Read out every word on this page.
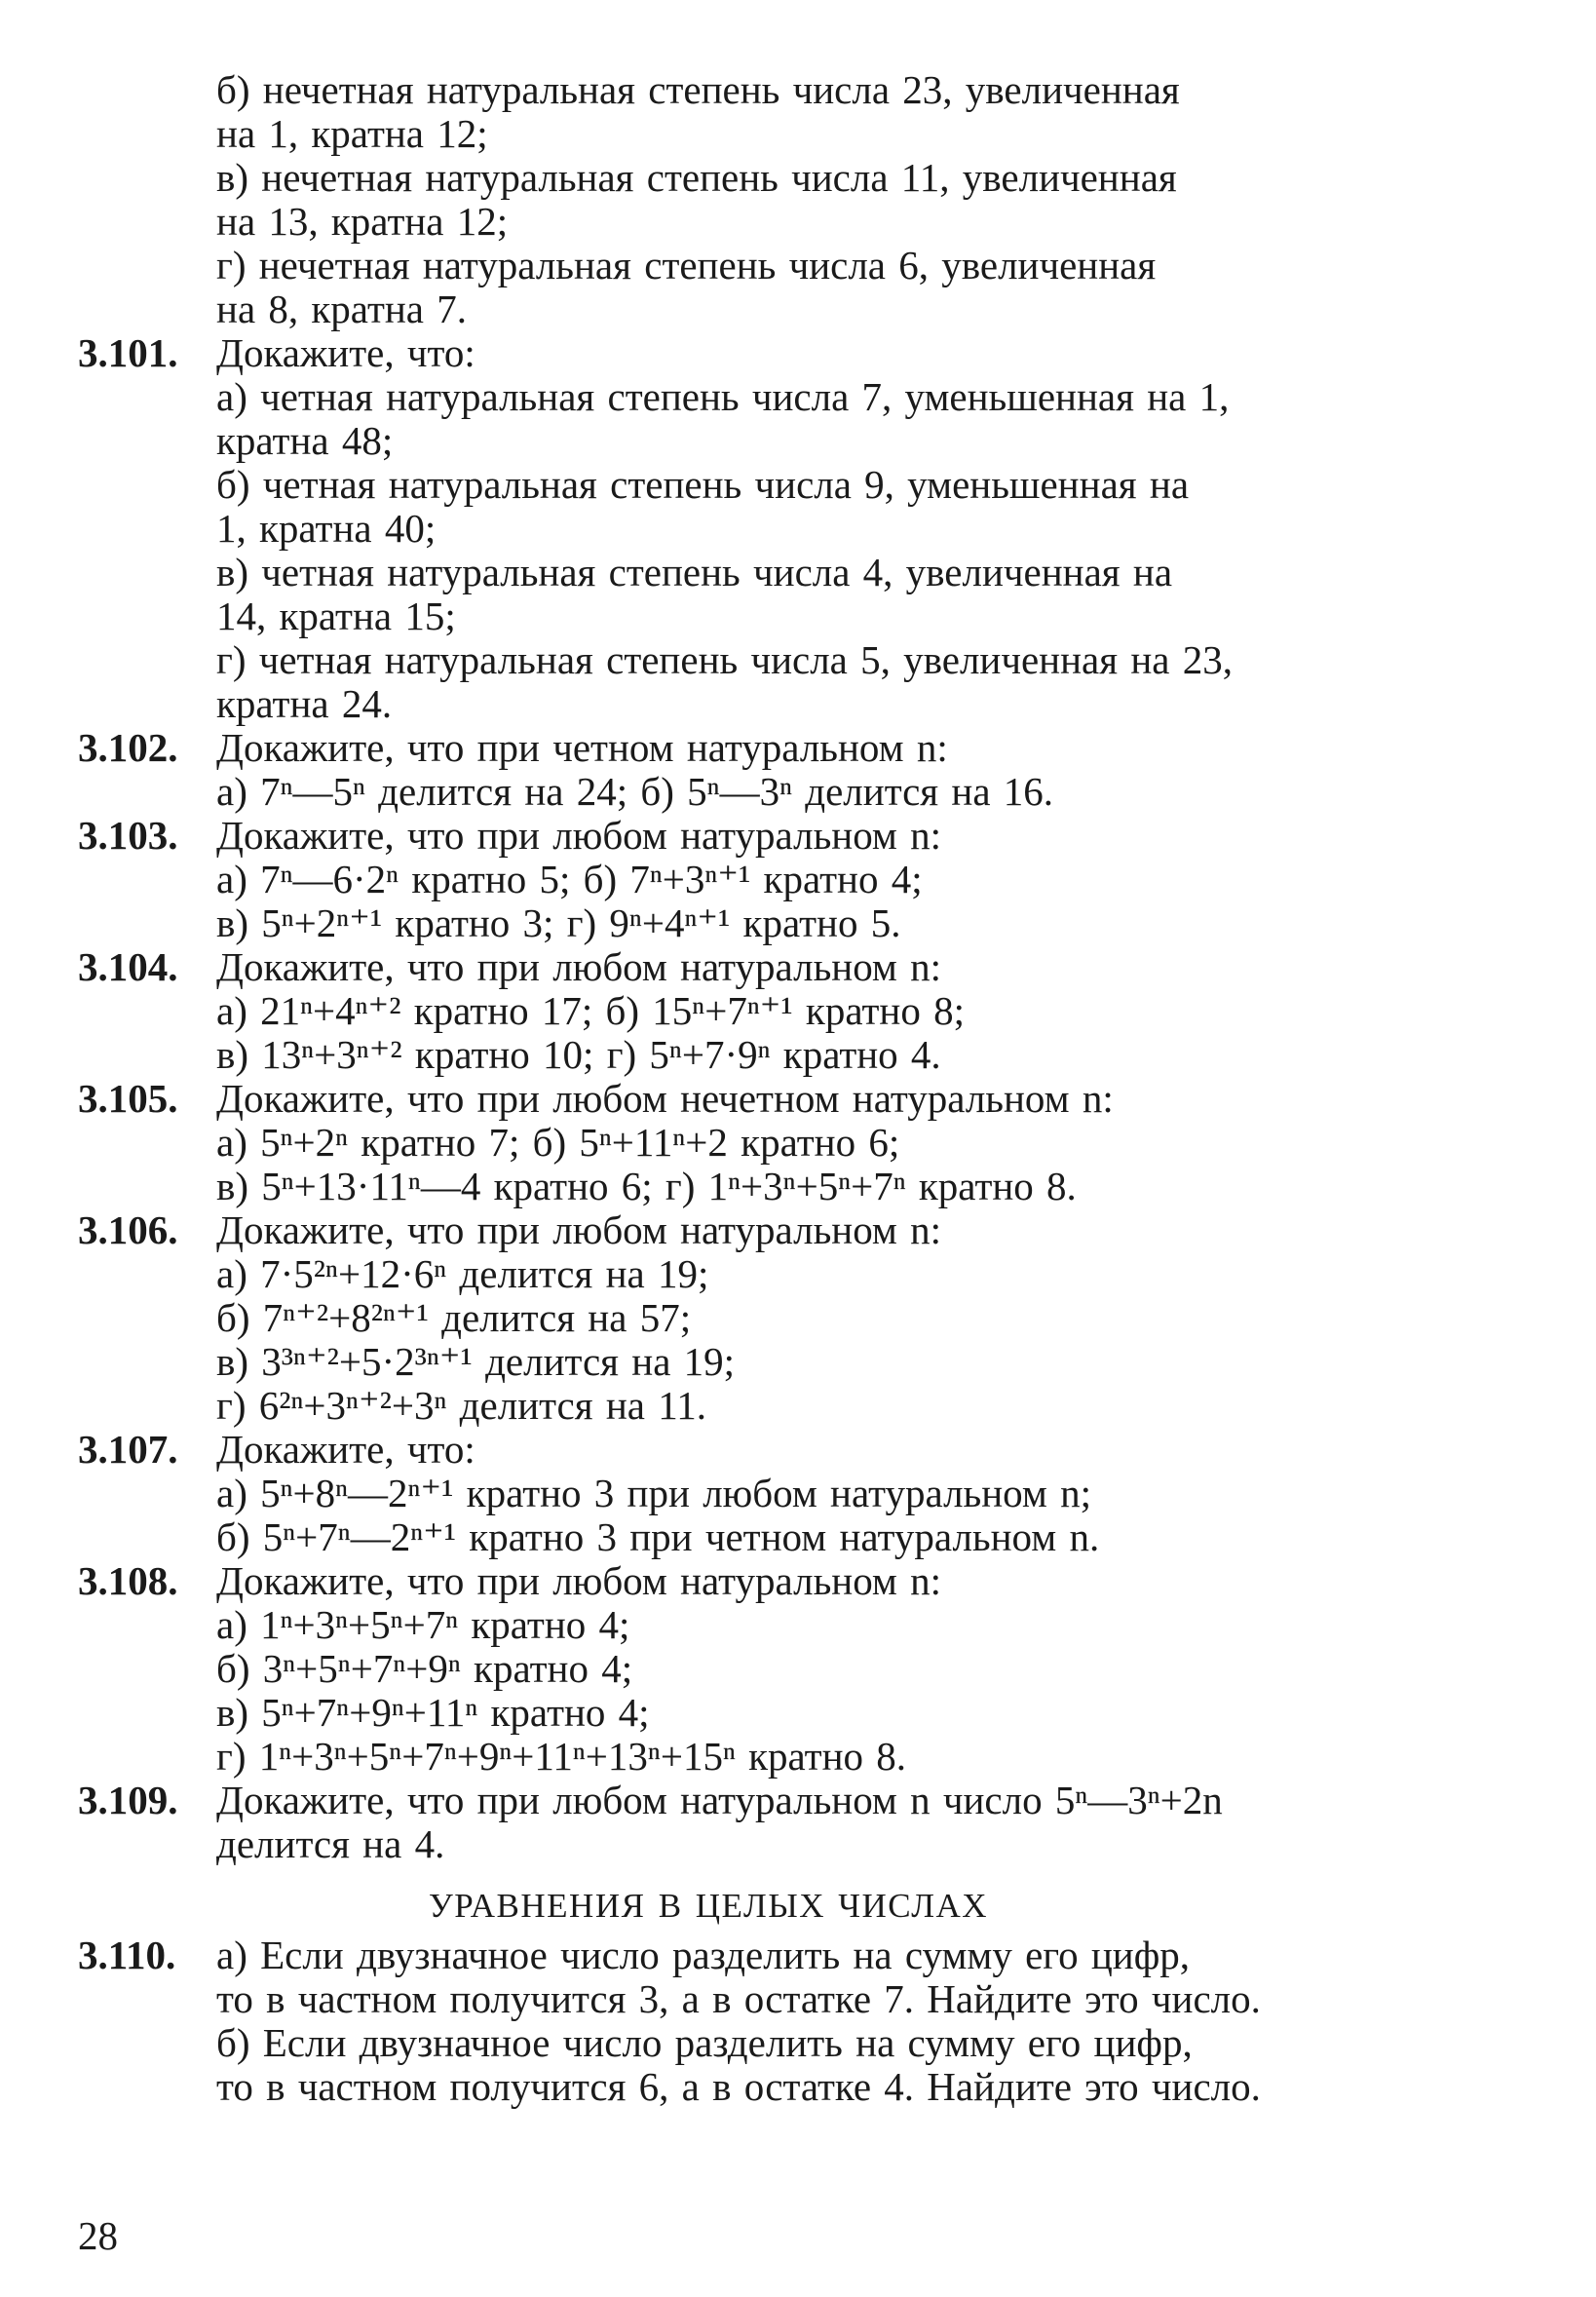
б) нечетная натуральная степень числа 23, увеличенная
на 1, кратна 12;
в) нечетная натуральная степень числа 11, увеличенная
на 13, кратна 12;
г) нечетная натуральная степень числа 6, увеличенная
на 8, кратна 7.
3.101. Докажите, что:
а) четная натуральная степень числа 7, уменьшенная на 1,
кратна 48;
б) четная натуральная степень числа 9, уменьшенная на
1, кратна 40;
в) четная натуральная степень числа 4, увеличенная на
14, кратна 15;
г) четная натуральная степень числа 5, увеличенная на 23,
кратна 24.
3.102. Докажите, что при четном натуральном n:
а) 7ⁿ—5ⁿ делится на 24; б) 5ⁿ—3ⁿ делится на 16.
3.103. Докажите, что при любом натуральном n:
а) 7ⁿ—6·2ⁿ кратно 5; б) 7ⁿ+3ⁿ⁺¹ кратно 4;
в) 5ⁿ+2ⁿ⁺¹ кратно 3; г) 9ⁿ+4ⁿ⁺¹ кратно 5.
3.104. Докажите, что при любом натуральном n:
а) 21ⁿ+4ⁿ⁺² кратно 17; б) 15ⁿ+7ⁿ⁺¹ кратно 8;
в) 13ⁿ+3ⁿ⁺² кратно 10; г) 5ⁿ+7·9ⁿ кратно 4.
3.105. Докажите, что при любом нечетном натуральном n:
а) 5ⁿ+2ⁿ кратно 7; б) 5ⁿ+11ⁿ+2 кратно 6;
в) 5ⁿ+13·11ⁿ—4 кратно 6; г) 1ⁿ+3ⁿ+5ⁿ+7ⁿ кратно 8.
3.106. Докажите, что при любом натуральном n:
а) 7·5²ⁿ+12·6ⁿ делится на 19;
б) 7ⁿ⁺²+8²ⁿ⁺¹ делится на 57;
в) 3³ⁿ⁺²+5·2³ⁿ⁺¹ делится на 19;
г) 6²ⁿ+3ⁿ⁺²+3ⁿ делится на 11.
3.107. Докажите, что:
а) 5ⁿ+8ⁿ—2ⁿ⁺¹ кратно 3 при любом натуральном n;
б) 5ⁿ+7ⁿ—2ⁿ⁺¹ кратно 3 при четном натуральном n.
3.108. Докажите, что при любом натуральном n:
а) 1ⁿ+3ⁿ+5ⁿ+7ⁿ кратно 4;
б) 3ⁿ+5ⁿ+7ⁿ+9ⁿ кратно 4;
в) 5ⁿ+7ⁿ+9ⁿ+11ⁿ кратно 4;
г) 1ⁿ+3ⁿ+5ⁿ+7ⁿ+9ⁿ+11ⁿ+13ⁿ+15ⁿ кратно 8.
3.109. Докажите, что при любом натуральном n число 5ⁿ—3ⁿ+2n
делится на 4.
УРАВНЕНИЯ В ЦЕЛЫХ ЧИСЛАХ
3.110. а) Если двузначное число разделить на сумму его цифр,
то в частном получится 3, а в остатке 7. Найдите это число.
б) Если двузначное число разделить на сумму его цифр,
то в частном получится 6, а в остатке 4. Найдите это число.
28
